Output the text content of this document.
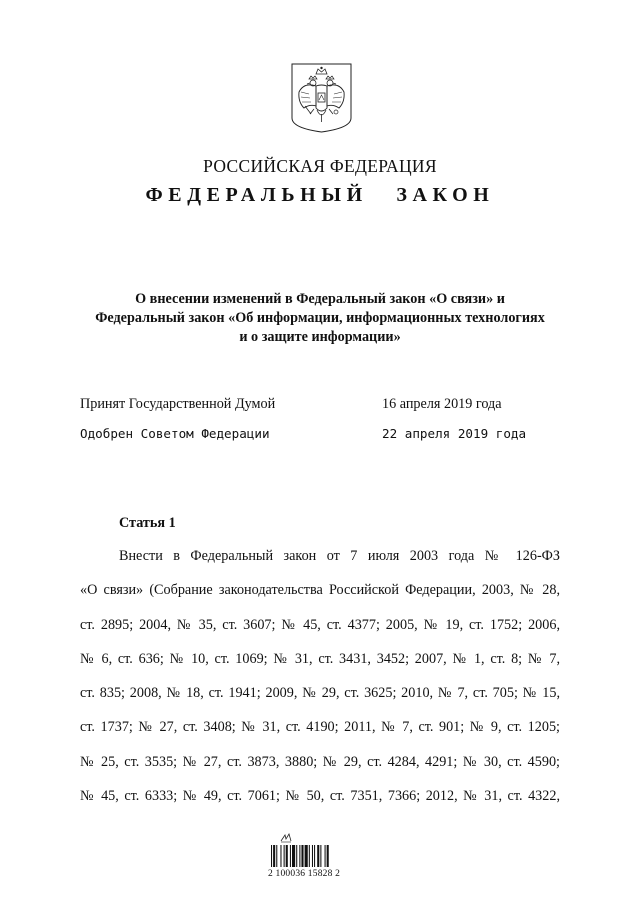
РОССИЙСКАЯ ФЕДЕРАЦИЯ
ФЕДЕРАЛЬНЫЙ ЗАКОН
О внесении изменений в Федеральный закон «О связи» и
Федеральный закон «Об информации, информационных технологиях
и о защите информации»
Принят Государственной Думой	16 апреля 2019 года
Одобрен Советом Федерации	22 апреля 2019 года
Статья 1
Внести в Федеральный закон от 7 июля 2003 года № 126-ФЗ
«О связи» (Собрание законодательства Российской Федерации, 2003, № 28,
ст. 2895; 2004, № 35, ст. 3607; № 45, ст. 4377; 2005, № 19, ст. 1752; 2006,
№ 6, ст. 636; № 10, ст. 1069; № 31, ст. 3431, 3452; 2007, № 1, ст. 8; № 7,
ст. 835; 2008, № 18, ст. 1941; 2009, № 29, ст. 3625; 2010, № 7, ст. 705; № 15,
ст. 1737; № 27, ст. 3408; № 31, ст. 4190; 2011, № 7, ст. 901; № 9, ст. 1205;
№ 25, ст. 3535; № 27, ст. 3873, 3880; № 29, ст. 4284, 4291; № 30, ст. 4590;
№ 45, ст. 6333; № 49, ст. 7061; № 50, ст. 7351, 7366; 2012, № 31, ст. 4322,
2 100036 15828 2
